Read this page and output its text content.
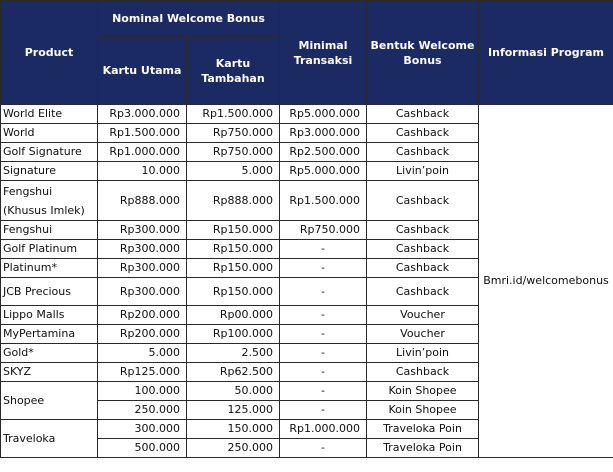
Product	Nominal Welcome Bonus		Minimal Transaksi	Bentuk Welcome Bonus	Informasi Program
	Kartu Utama	Kartu Tambahan			
World Elite	Rp3.000.000	Rp1.500.000	Rp5.000.000	Cashback	Bmri.id/welcomebonus
World	Rp1.500.000	Rp750.000	Rp3.000.000	Cashback	
Golf Signature	Rp1.000.000	Rp750.000	Rp2.500.000	Cashback	
Signature	10.000	5.000	Rp5.000.000	Livin’poin	
Fengshui (Khusus Imlek)	Rp888.000	Rp888.000	Rp1.500.000	Cashback	
Fengshui	Rp300.000	Rp150.000	Rp750.000	Cashback	
Golf Platinum	Rp300.000	Rp150.000	-	Cashback	
Platinum*	Rp300.000	Rp150.000	-	Cashback	
JCB Precious	Rp300.000	Rp150.000	-	Cashback	
Lippo Malls	Rp200.000	Rp00.000	-	Voucher	
MyPertamina	Rp200.000	Rp100.000	-	Voucher	
Gold*	5.000	2.500	-	Livin’poin	
SKYZ	Rp125.000	Rp62.500	-	Cashback	
Shopee	100.000	50.000	-	Koin Shopee	
	250.000	125.000	-	Koin Shopee	
Traveloka	300.000	150.000	Rp1.000.000	Traveloka Poin	
	500.000	250.000	-	Traveloka Poin	
